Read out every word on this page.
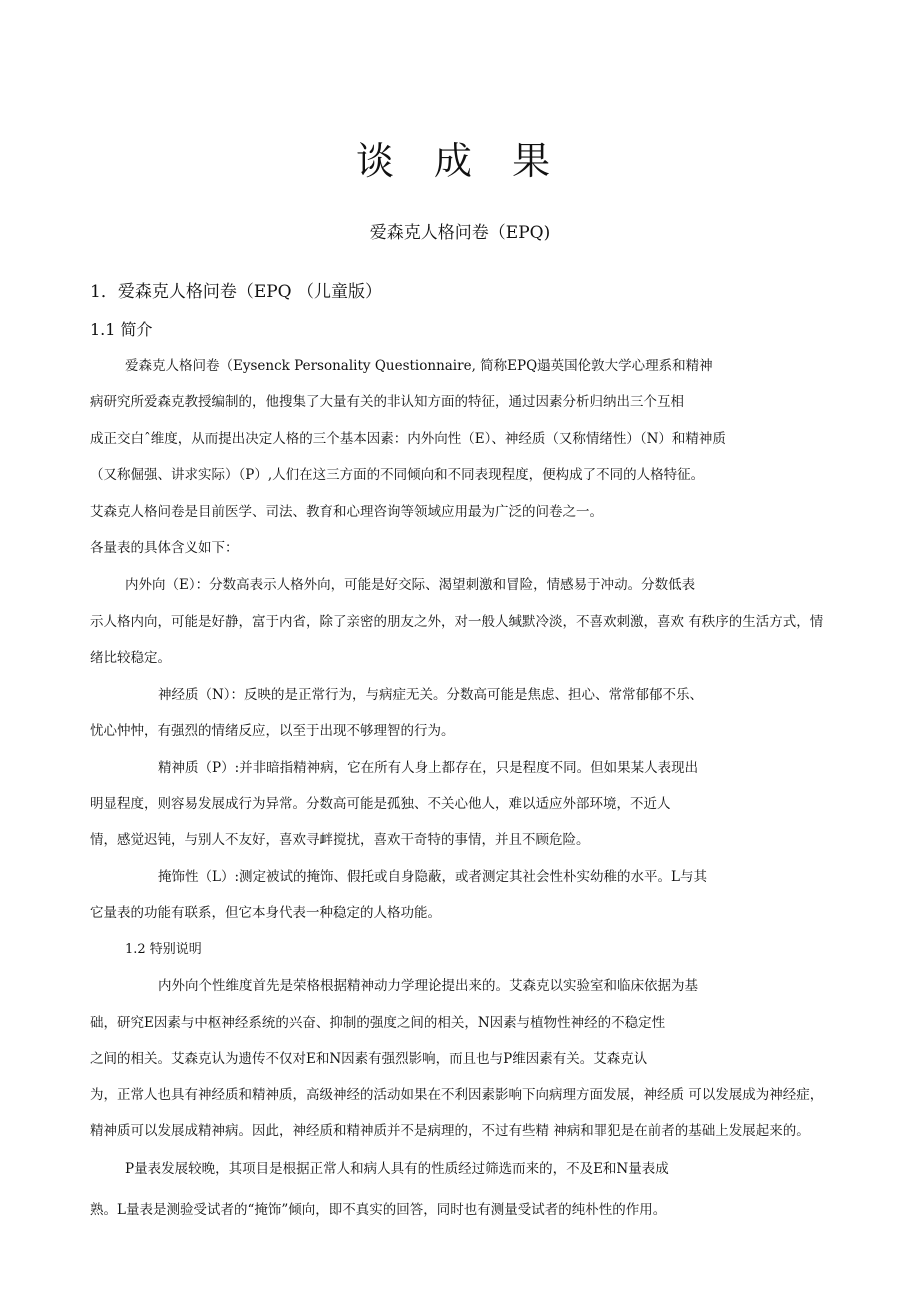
谈 成 果

爱森克人格问卷（EPQ)

1．爱森克人格问卷（EPQ （儿童版）

1.1 简介

爱森克人格问卷（Eysenck Personality Questionnaire, 简称EPQ遢英国伦敦大学心理系和精神

病研究所爱森克教授编制的，他搜集了大量有关的非认知方面的特征，通过因素分析归纳出三个互相

成正交白ˆ维度，从而提出决定人格的三个基本因素：内外向性（E）、神经质（又称情绪性）（N）和精神质

（又称倔强、讲求实际）（P）,人们在这三方面的不同倾向和不同表现程度，便构成了不同的人格特征。

艾森克人格问卷是目前医学、司法、教育和心理咨询等领域应用最为广泛的问卷之一。

各量表的具体含义如下：

内外向（E）：分数高表示人格外向，可能是好交际、渴望刺激和冒险，情感易于冲动。分数低表

示人格内向，可能是好静，富于内省，除了亲密的朋友之外，对一般人缄默冷淡，不喜欢刺激，喜欢 有秩序的生活方式，情

绪比较稳定。

神经质（N）：反映的是正常行为，与病症无关。分数高可能是焦虑、担心、常常郁郁不乐、

忧心忡忡，有强烈的情绪反应，以至于出现不够理智的行为。

精神质（P）:并非暗指精神病，它在所有人身上都存在，只是程度不同。但如果某人表现出

明显程度，则容易发展成行为异常。分数高可能是孤独、不关心他人，难以适应外部环境，不近人

情，感觉迟钝，与别人不友好，喜欢寻衅搅扰，喜欢干奇特的事情，并且不顾危险。

掩饰性（L）:测定被试的掩饰、假托或自身隐蔽，或者测定其社会性朴实幼稚的水平。L与其

它量表的功能有联系，但它本身代表一种稳定的人格功能。

1.2 特别说明

内外向个性维度首先是荣格根据精神动力学理论提出来的。艾森克以实验室和临床依据为基

础，研究E因素与中枢神经系统的兴奋、抑制的强度之间的相关，N因素与植物性神经的不稳定性

之间的相关。艾森克认为遗传不仅对E和N因素有强烈影响，而且也与P维因素有关。艾森克认

为，正常人也具有神经质和精神质，高级神经的活动如果在不利因素影响下向病理方面发展，神经质 可以发展成为神经症，

精神质可以发展成精神病。因此，神经质和精神质并不是病理的，不过有些精 神病和罪犯是在前者的基础上发展起来的。

P量表发展较晚，其项目是根据正常人和病人具有的性质经过筛选而来的，不及E和N量表成

熟。L量表是测验受试者的“掩饰”倾向，即不真实的回答，同时也有测量受试者的纯朴性的作用。
